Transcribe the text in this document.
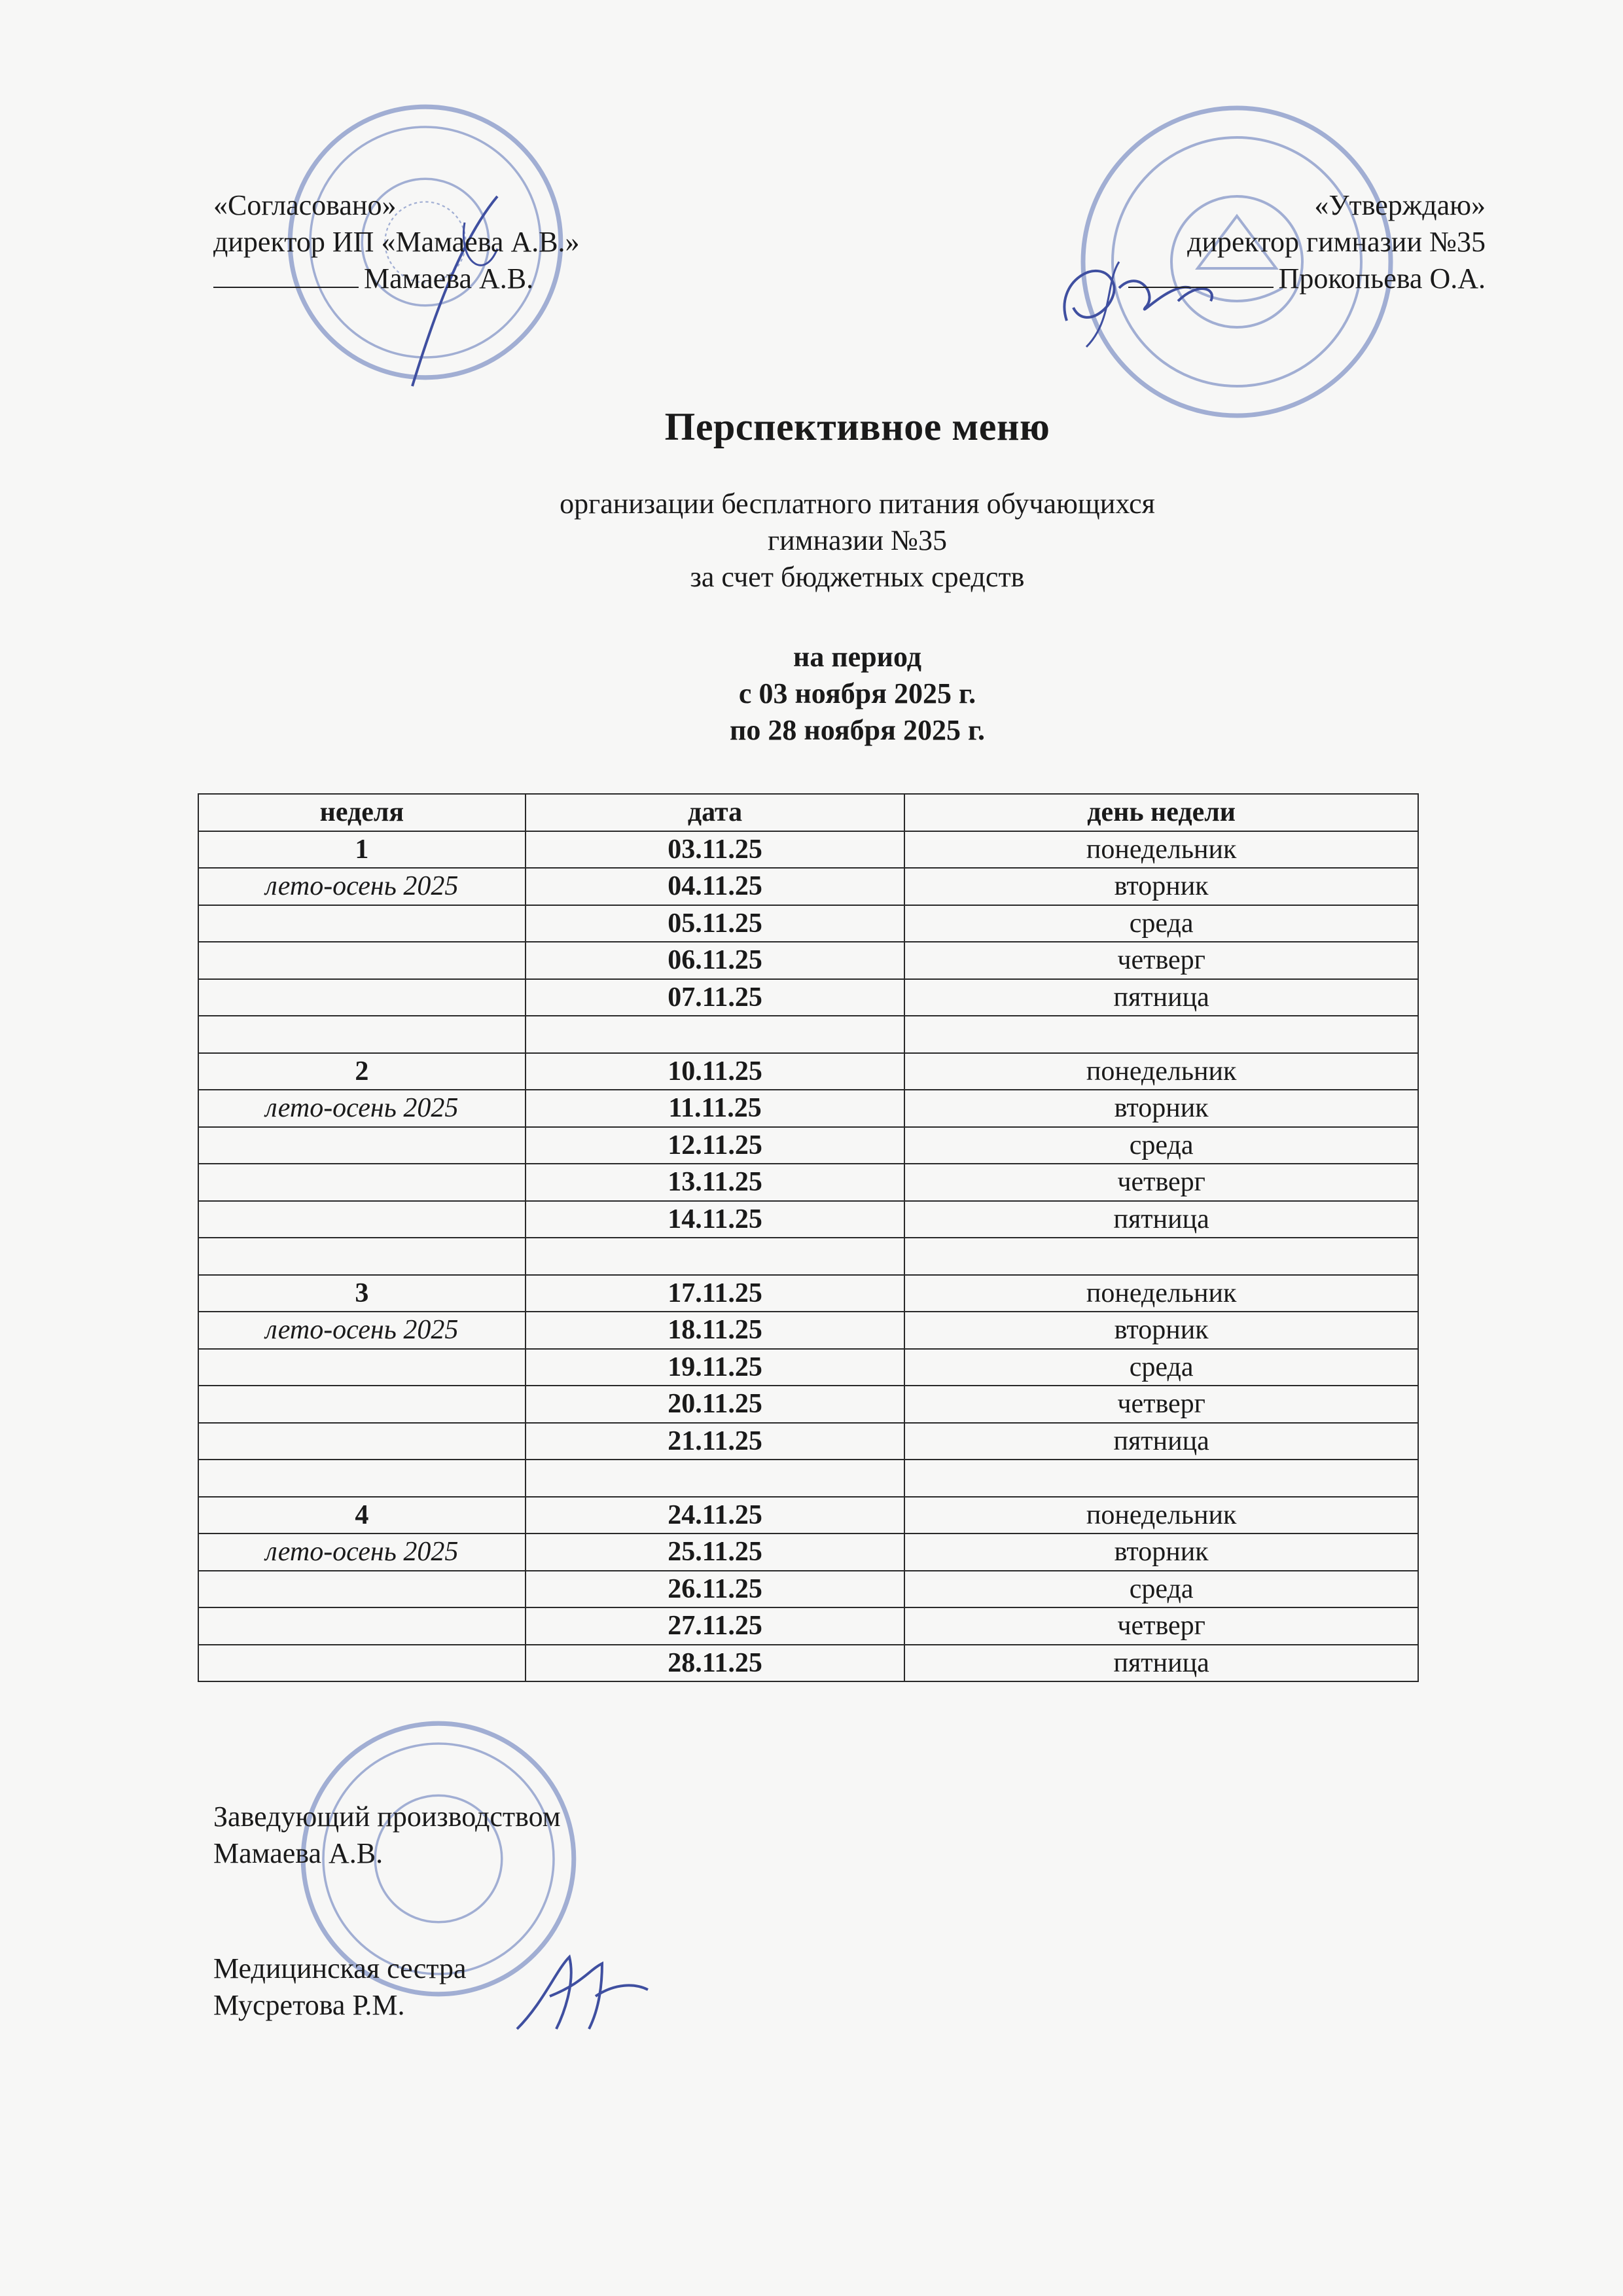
«Согласовано»
директор ИП «Мамаева А.В.»
Мамаева А.В.
«Утверждаю»
директор гимназии №35
Прокопьева О.А.
Перспективное меню
организации бесплатного питания обучающихся
гимназии №35
за счет бюджетных средств
на период
с 03 ноября 2025 г.
по 28 ноября 2025 г.
неделя	дата	день недели
1	03.11.25	понедельник
лето-осень 2025	04.11.25	вторник
	05.11.25	среда
	06.11.25	четверг
	07.11.25	пятница

2	10.11.25	понедельник
лето-осень 2025	11.11.25	вторник
	12.11.25	среда
	13.11.25	четверг
	14.11.25	пятница

3	17.11.25	понедельник
лето-осень 2025	18.11.25	вторник
	19.11.25	среда
	20.11.25	четверг
	21.11.25	пятница

4	24.11.25	понедельник
лето-осень 2025	25.11.25	вторник
	26.11.25	среда
	27.11.25	четверг
	28.11.25	пятница
Заведующий производством
Мамаева А.В.
Медицинская сестра
Мусретова Р.М.
